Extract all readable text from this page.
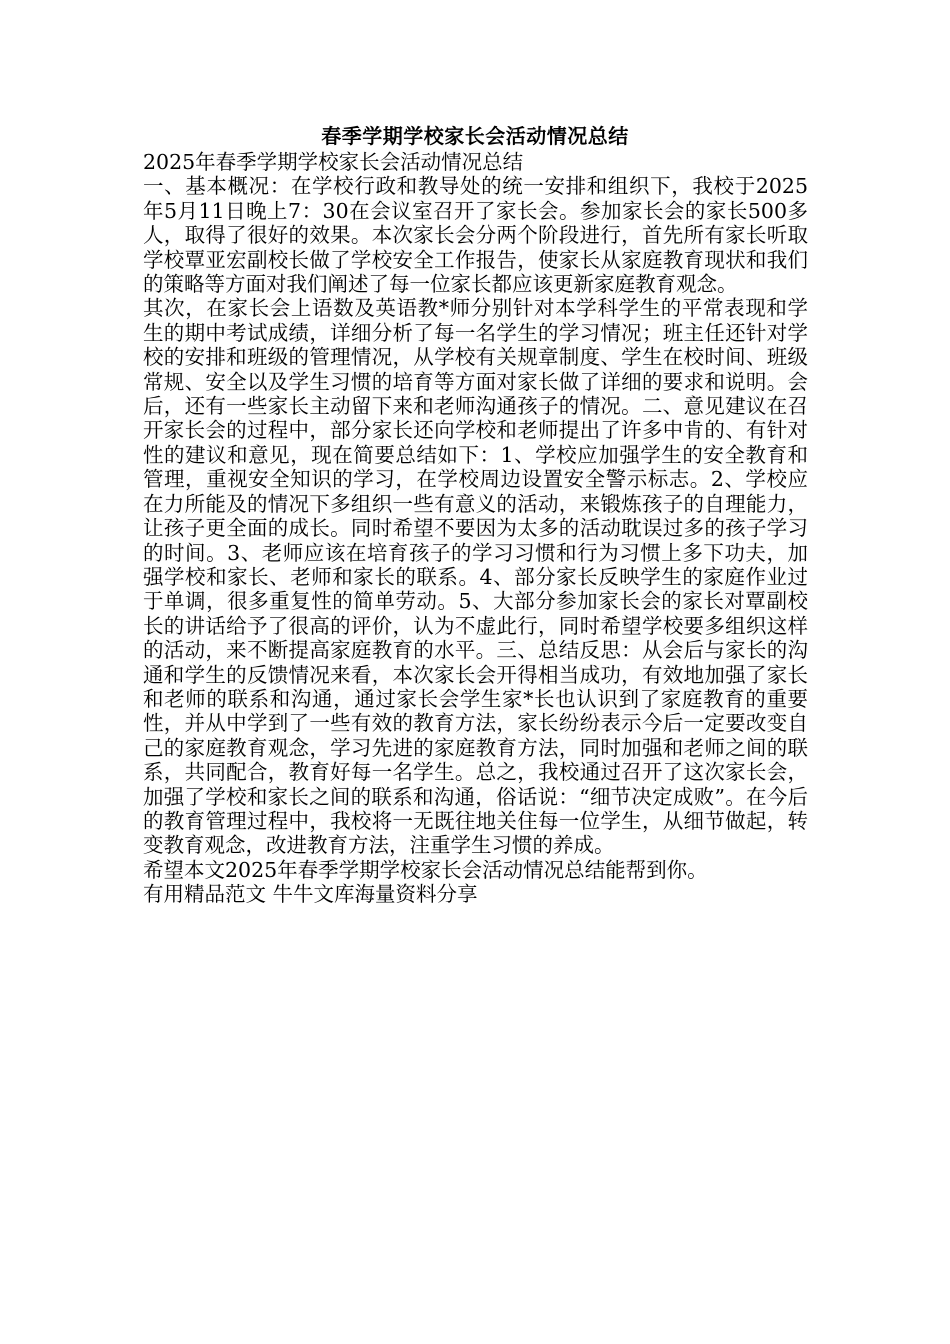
春季学期学校家长会活动情况总结

2025年春季学期学校家长会活动情况总结

一、基本概况：在学校行政和教导处的统一安排和组织下，我校于2025年5月11日晚上7：30在会议室召开了家长会。参加家长会的家长500多人，取得了很好的效果。本次家长会分两个阶段进行，首先所有家长听取学校覃亚宏副校长做了学校安全工作报告，使家长从家庭教育现状和我们的策略等方面对我们阐述了每一位家长都应该更新家庭教育观念。

其次，在家长会上语数及英语教*师分别针对本学科学生的平常表现和学生的期中考试成绩，详细分析了每一名学生的学习情况；班主任还针对学校的安排和班级的管理情况，从学校有关规章制度、学生在校时间、班级常规、安全以及学生习惯的培育等方面对家长做了详细的要求和说明。会后，还有一些家长主动留下来和老师沟通孩子的情况。二、意见建议在召开家长会的过程中，部分家长还向学校和老师提出了许多中肯的、有针对性的建议和意见，现在简要总结如下：1、学校应加强学生的安全教育和管理，重视安全知识的学习，在学校周边设置安全警示标志。2、学校应在力所能及的情况下多组织一些有意义的活动，来锻炼孩子的自理能力，让孩子更全面的成长。同时希望不要因为太多的活动耽误过多的孩子学习的时间。3、老师应该在培育孩子的学习习惯和行为习惯上多下功夫，加强学校和家长、老师和家长的联系。4、部分家长反映学生的家庭作业过于单调，很多重复性的简单劳动。5、大部分参加家长会的家长对覃副校长的讲话给予了很高的评价，认为不虚此行，同时希望学校要多组织这样的活动，来不断提高家庭教育的水平。三、总结反思：从会后与家长的沟通和学生的反馈情况来看，本次家长会开得相当成功，有效地加强了家长和老师的联系和沟通，通过家长会学生家*长也认识到了家庭教育的重要性，并从中学到了一些有效的教育方法，家长纷纷表示今后一定要改变自己的家庭教育观念，学习先进的家庭教育方法，同时加强和老师之间的联系，共同配合，教育好每一名学生。总之，我校通过召开了这次家长会，加强了学校和家长之间的联系和沟通，俗话说：“细节决定成败”。在今后的教育管理过程中，我校将一无既往地关住每一位学生，从细节做起，转变教育观念，改进教育方法，注重学生习惯的养成。

希望本文2025年春季学期学校家长会活动情况总结能帮到你。

有用精品范文 牛牛文库海量资料分享
